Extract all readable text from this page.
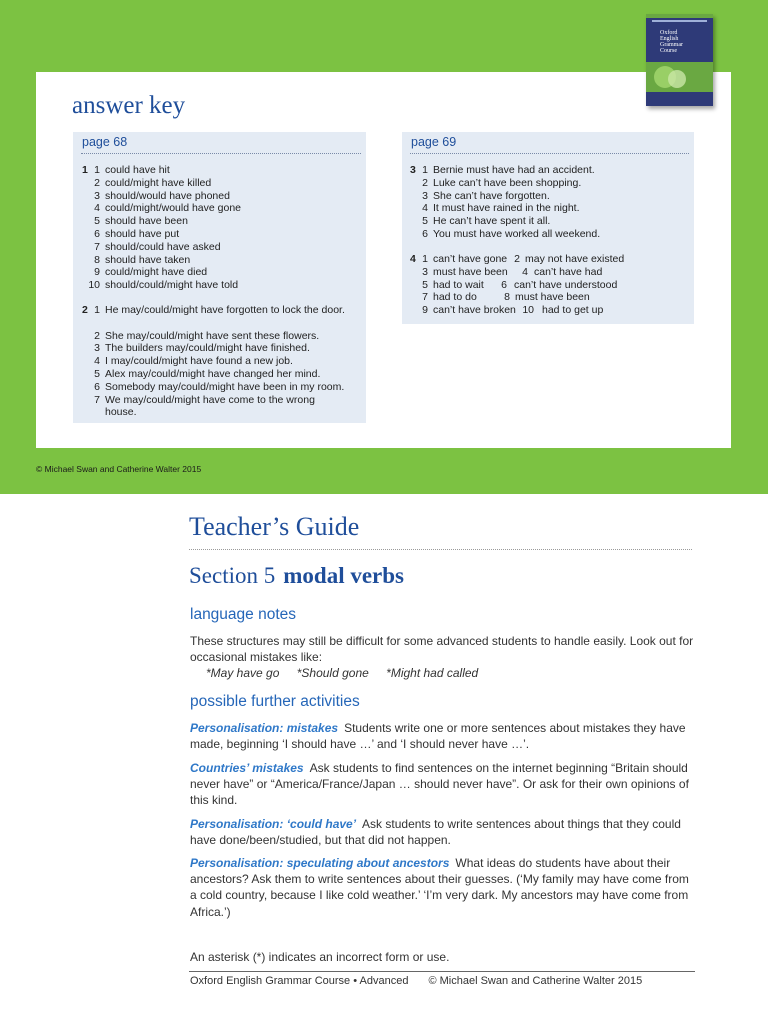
Oxford
English
Grammar
Course
answer key
page 68
1 1 could have hit
2 could/might have killed
3 should/would have phoned
4 could/might/would have gone
5 should have been
6 should have put
7 should/could have asked
8 should have taken
9 could/might have died
10 should/could/might have told
2 1 He may/could/might have forgotten to lock the door.
2 She may/could/might have sent these flowers.
3 The builders may/could/might have finished.
4 I may/could/might have found a new job.
5 Alex may/could/might have changed her mind.
6 Somebody may/could/might have been in my room.
7 We may/could/might have come to the wrong house.
page 69
3 1 Bernie must have had an accident.
2 Luke can’t have been shopping.
3 She can’t have forgotten.
4 It must have rained in the night.
5 He can’t have spent it all.
6 You must have worked all weekend.
4 1 can’t have gone 2 may not have existed
3 must have been	4 can’t have had
5 had to wait	6 can’t have understood
7 had to do	8 must have been
9 can’t have broken 10 had to get up
© Michael Swan and Catherine Walter 2015
Teacher’s Guide
Section 5 modal verbs
language notes

These structures may still be difficult for some advanced students to handle easily. Look out for occasional mistakes like:

*May have go *Should gone *Might had called
possible further activities

Personalisation: mistakes Students write one or more sentences about mistakes they have made, beginning ‘I should have …’ and ‘I should never have …’.

Countries’ mistakes Ask students to find sentences on the internet beginning “Britain should never have” or “America/France/Japan … should never have”. Or ask for their own opinions of this kind.

Personalisation: ‘could have’ Ask students to write sentences about things that they could have done/been/studied, but that did not happen.

Personalisation: speculating about ancestors What ideas do students have about their ancestors? Ask them to write sentences about their guesses. (‘My family may have come from a cold country, because I like cold weather.’ ‘I’m very dark. My ancestors may have come from Africa.’)

An asterisk (*) indicates an incorrect form or use.
Oxford English Grammar Course • Advanced © Michael Swan and Catherine Walter 2015
